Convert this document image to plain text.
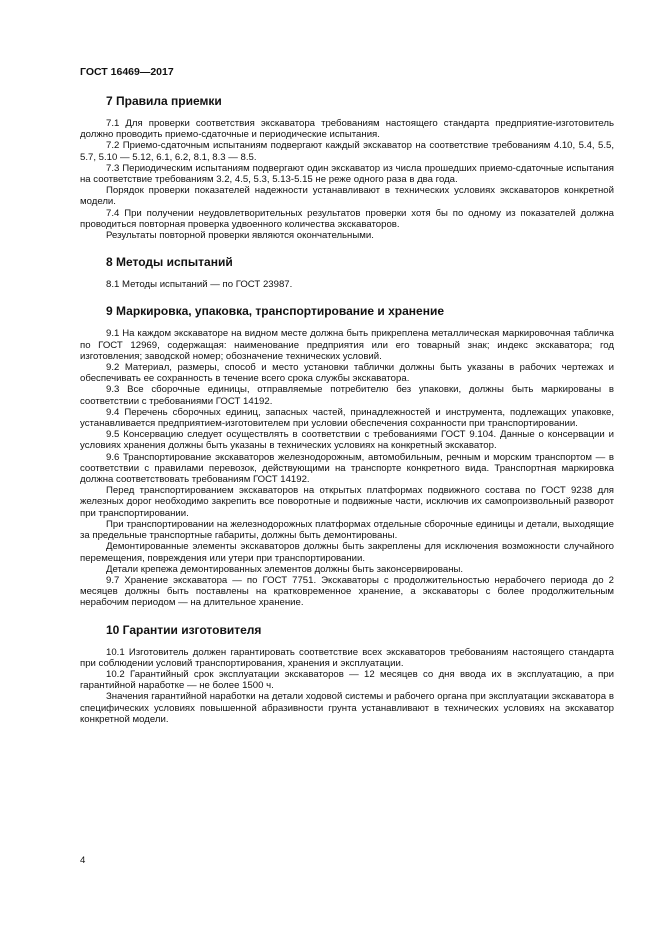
ГОСТ 16469—2017
7 Правила приемки

7.1 Для проверки соответствия экскаватора требованиям настоящего стандарта предприятие-изготовитель должно проводить приемо-сдаточные и периодические испытания.

7.2 Приемо-сдаточным испытаниям подвергают каждый экскаватор на соответствие требованиям 4.10, 5.4, 5.5, 5.7, 5.10 — 5.12, 6.1, 6.2, 8.1, 8.3 — 8.5.

7.3 Периодическим испытаниям подвергают один экскаватор из числа прошедших приемо-сдаточные испытания на соответствие требованиям 3.2, 4.5, 5.3, 5.13-5.15 не реже одного раза в два года.

Порядок проверки показателей надежности устанавливают в технических условиях экскаваторов конкретной модели.

7.4 При получении неудовлетворительных результатов проверки хотя бы по одному из показателей должна проводиться повторная проверка удвоенного количества экскаваторов.

Результаты повторной проверки являются окончательными.

8 Методы испытаний

8.1 Методы испытаний — по ГОСТ 23987.

9 Маркировка, упаковка, транспортирование и хранение

9.1 На каждом экскаваторе на видном месте должна быть прикреплена металлическая маркировочная табличка по ГОСТ 12969, содержащая: наименование предприятия или его товарный знак; индекс экскаватора; год изготовления; заводской номер; обозначение технических условий.

9.2 Материал, размеры, способ и место установки таблички должны быть указаны в рабочих чертежах и обеспечивать ее сохранность в течение всего срока службы экскаватора.

9.3 Все сборочные единицы, отправляемые потребителю без упаковки, должны быть маркированы в соответствии с требованиями ГОСТ 14192.

9.4 Перечень сборочных единиц, запасных частей, принадлежностей и инструмента, подлежащих упаковке, устанавливается предприятием-изготовителем при условии обеспечения сохранности при транспортировании.

9.5 Консервацию следует осуществлять в соответствии с требованиями ГОСТ 9.104. Данные о консервации и условиях хранения должны быть указаны в технических условиях на конкретный экскаватор.

9.6 Транспортирование экскаваторов железнодорожным, автомобильным, речным и морским транспортом — в соответствии с правилами перевозок, действующими на транспорте конкретного вида. Транспортная маркировка должна соответствовать требованиям ГОСТ 14192.

Перед транспортированием экскаваторов на открытых платформах подвижного состава по ГОСТ 9238 для железных дорог необходимо закрепить все поворотные и подвижные части, исключив их самопроизвольный разворот при транспортировании.

При транспортировании на железнодорожных платформах отдельные сборочные единицы и детали, выходящие за предельные транспортные габариты, должны быть демонтированы.

Демонтированные элементы экскаваторов должны быть закреплены для исключения возможности случайного перемещения, повреждения или утери при транспортировании.

Детали крепежа демонтированных элементов должны быть законсервированы.

9.7 Хранение экскаватора — по ГОСТ 7751. Экскаваторы с продолжительностью нерабочего периода до 2 месяцев должны быть поставлены на кратковременное хранение, а экскаваторы с более продолжительным нерабочим периодом — на длительное хранение.

10 Гарантии изготовителя

10.1 Изготовитель должен гарантировать соответствие всех экскаваторов требованиям настоящего стандарта при соблюдении условий транспортирования, хранения и эксплуатации.

10.2 Гарантийный срок эксплуатации экскаваторов — 12 месяцев со дня ввода их в эксплуатацию, а при гарантийной наработке — не более 1500 ч.

Значения гарантийной наработки на детали ходовой системы и рабочего органа при эксплуатации экскаватора в специфических условиях повышенной абразивности грунта устанавливают в технических условиях на экскаватор конкретной модели.

4
